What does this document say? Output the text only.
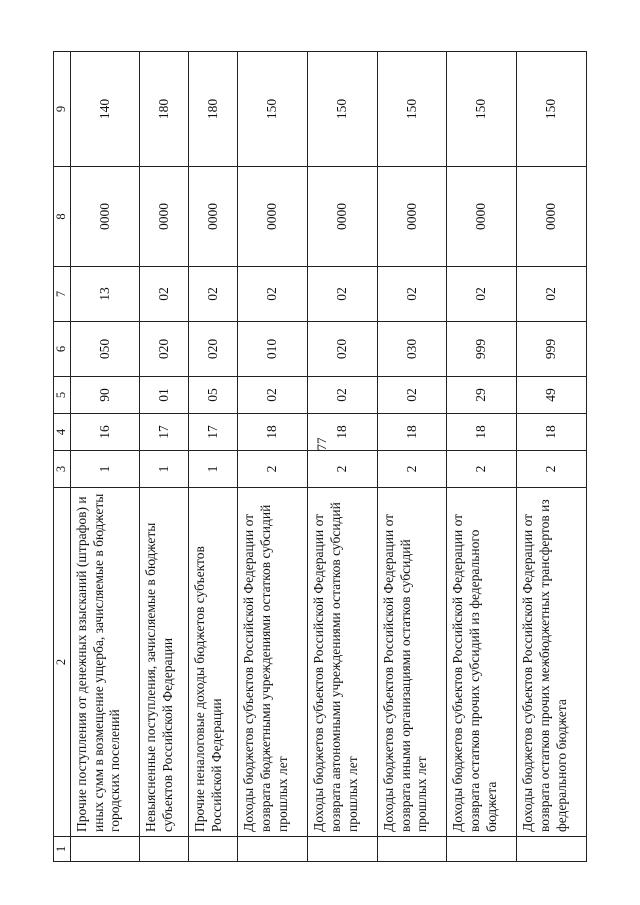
77
1	2	3	4	5	6	7	8	9
	Прочие поступления от денежных взысканий (штрафов) и иных сумм в возмещение ущерба, зачисляемые в бюджеты городских поселений	1	16	90	050	13	0000	140
	Невыясненные поступления, зачисляемые в бюджеты субъектов Российской Федерации	1	17	01	020	02	0000	180
	Прочие неналоговые доходы бюджетов субъектов Российской Федерации	1	17	05	020	02	0000	180
	Доходы бюджетов субъектов Российской Федерации от возврата бюджетными учреждениями остатков субсидий прошлых лет	2	18	02	010	02	0000	150
	Доходы бюджетов субъектов Российской Федерации от возврата автономными учреждениями остатков субсидий прошлых лет	2	18	02	020	02	0000	150
	Доходы бюджетов субъектов Российской Федерации от возврата иными организациями остатков субсидий прошлых лет	2	18	02	030	02	0000	150
	Доходы бюджетов субъектов Российской Федерации от возврата остатков прочих субсидий из федерального бюджета	2	18	29	999	02	0000	150
	Доходы бюджетов субъектов Российской Федерации от возврата остатков прочих межбюджетных трансфертов из федерального бюджета	2	18	49	999	02	0000	150
